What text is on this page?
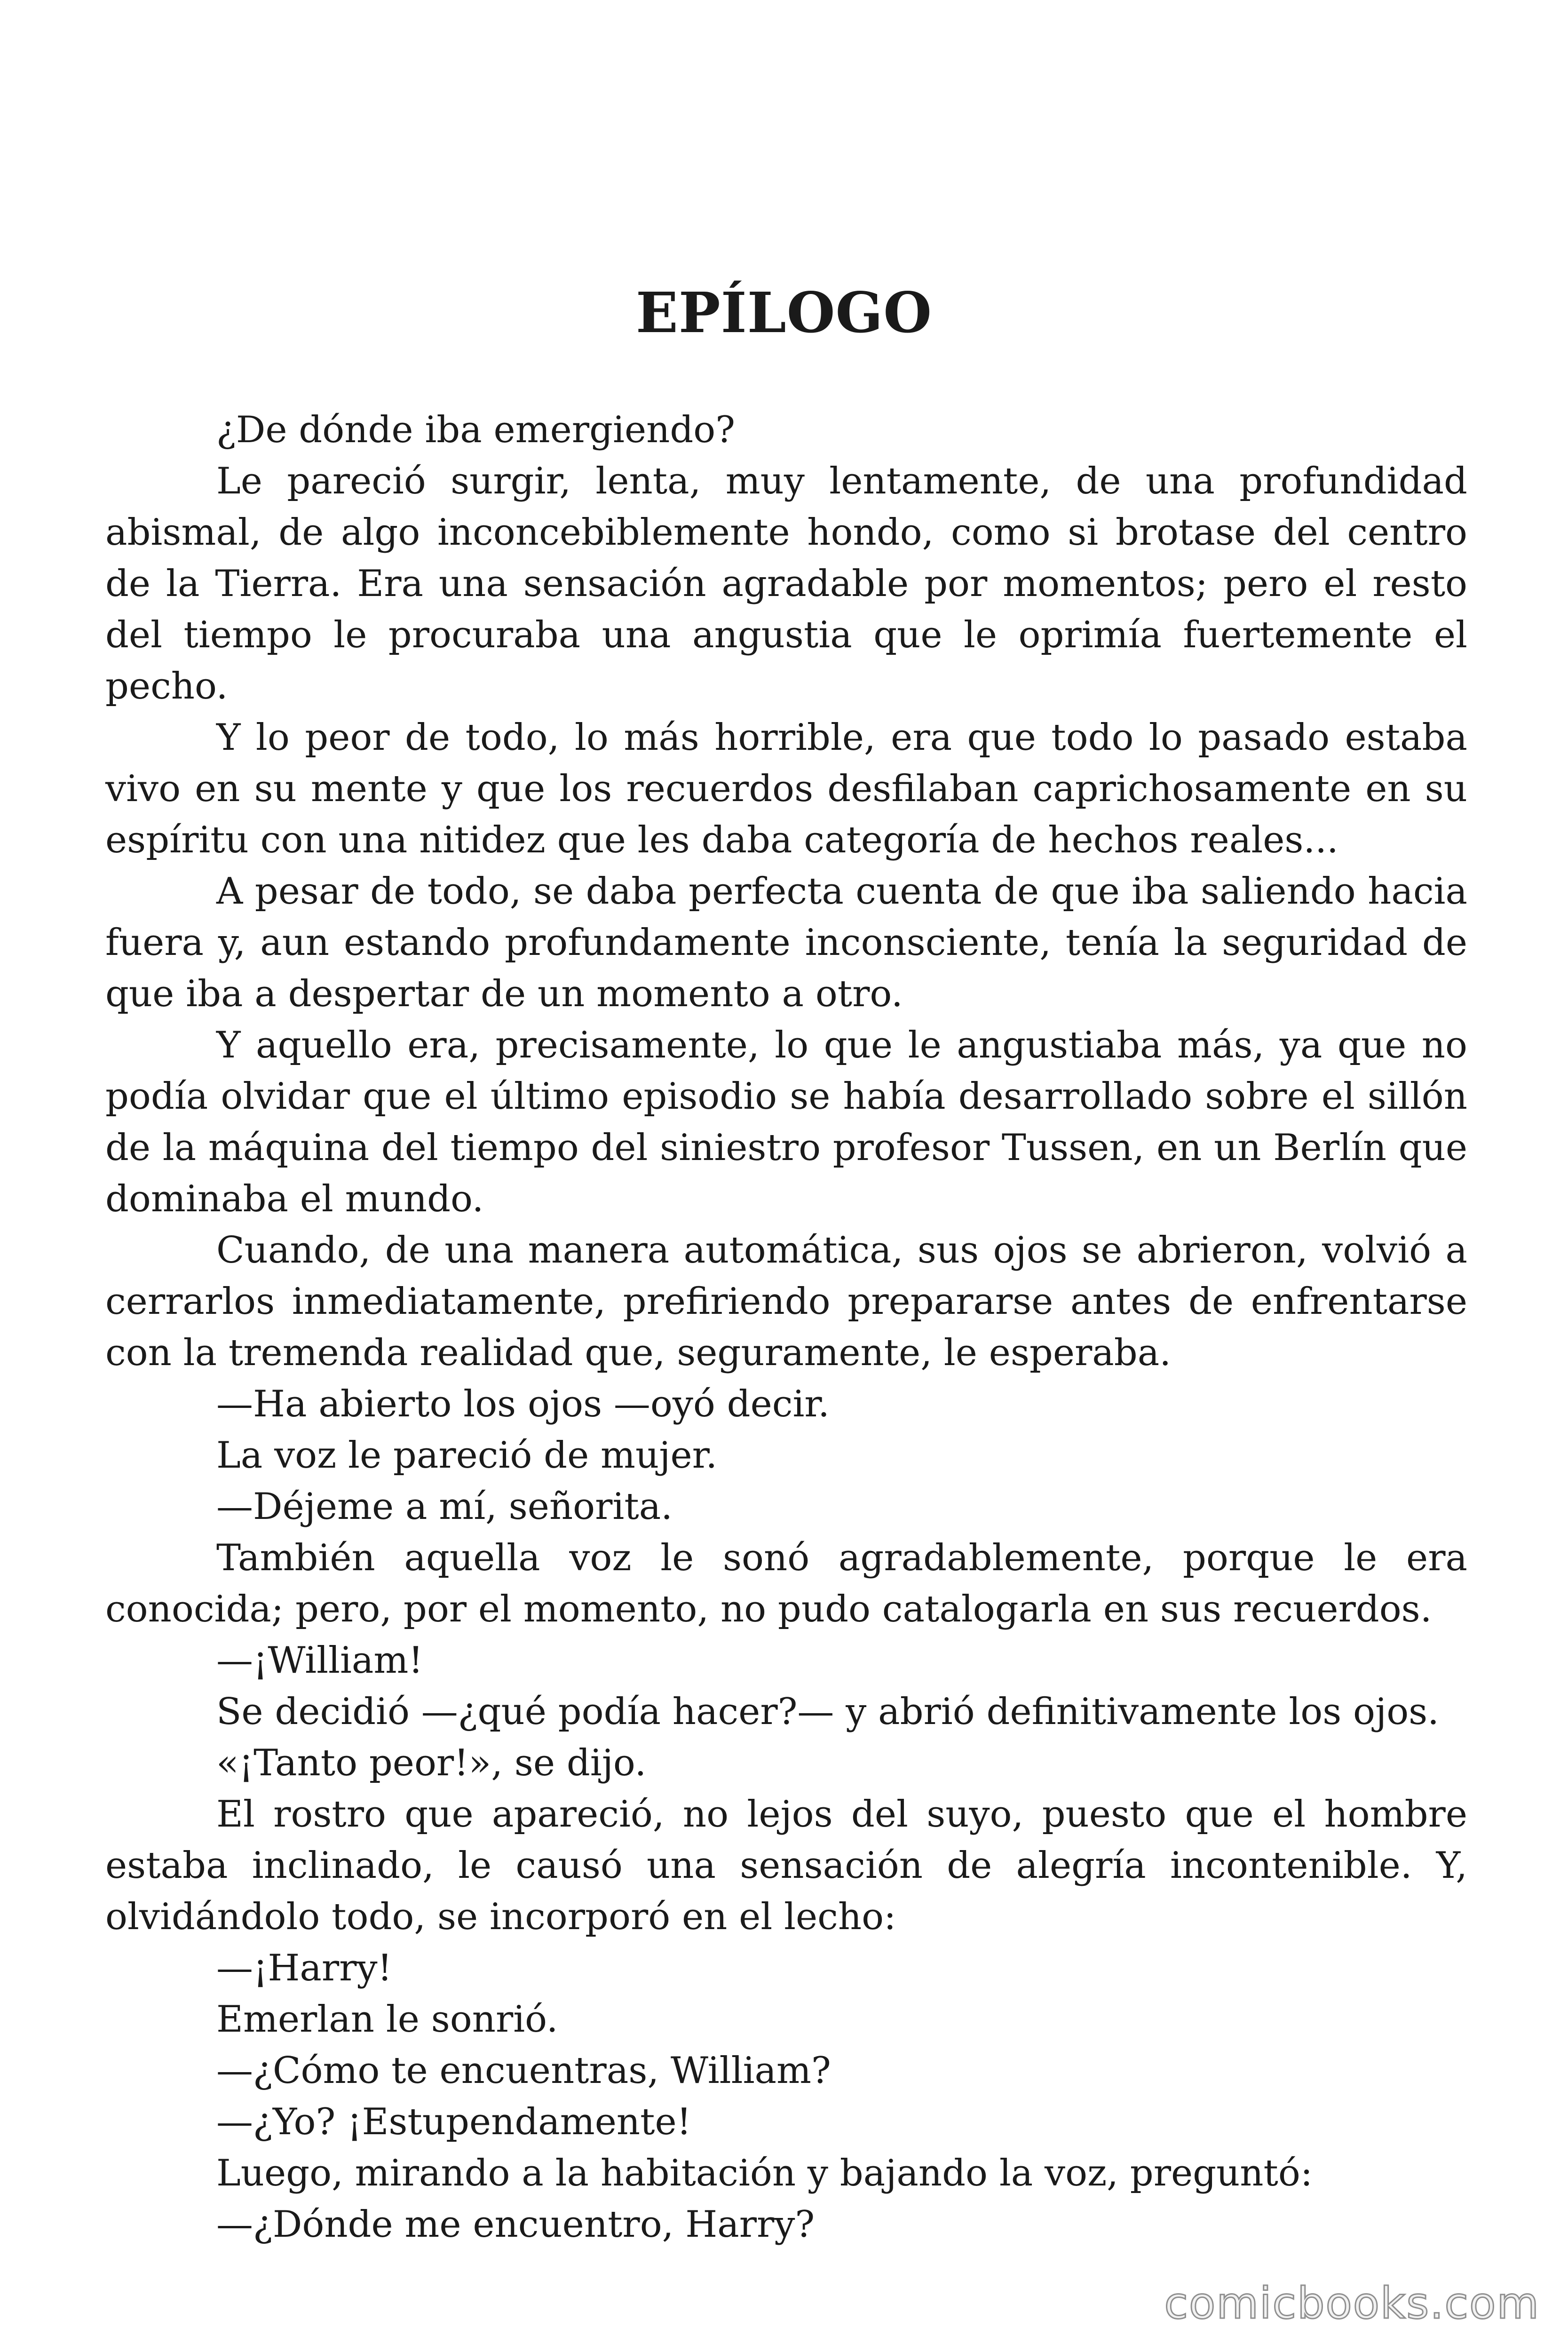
EPÍLOGO

¿De dónde iba emergiendo?

Le pareció surgir, lenta, muy lentamente, de una profundidad abismal, de algo inconcebiblemente hondo, como si brotase del centro de la Tierra. Era una sensación agradable por momentos; pero el resto del tiempo le procuraba una angustia que le oprimía fuertemente el pecho.

Y lo peor de todo, lo más horrible, era que todo lo pasado estaba vivo en su mente y que los recuerdos desfilaban caprichosamente en su espíritu con una nitidez que les daba categoría de hechos reales...

A pesar de todo, se daba perfecta cuenta de que iba saliendo hacia fuera y, aun estando profundamente inconsciente, tenía la seguridad de que iba a despertar de un momento a otro.

Y aquello era, precisamente, lo que le angustiaba más, ya que no podía olvidar que el último episodio se había desarrollado sobre el sillón de la máquina del tiempo del siniestro profesor Tussen, en un Berlín que dominaba el mundo.

Cuando, de una manera automática, sus ojos se abrieron, volvió a cerrarlos inmediatamente, prefiriendo prepararse antes de enfrentarse con la tremenda realidad que, seguramente, le esperaba.

—Ha abierto los ojos —oyó decir.

La voz le pareció de mujer.

—Déjeme a mí, señorita.

También aquella voz le sonó agradablemente, porque le era conocida; pero, por el momento, no pudo catalogarla en sus recuerdos.

—¡William!

Se decidió —¿qué podía hacer?— y abrió definitivamente los ojos.

«¡Tanto peor!», se dijo.

El rostro que apareció, no lejos del suyo, puesto que el hombre estaba inclinado, le causó una sensación de alegría incontenible. Y, olvidándolo todo, se incorporó en el lecho:

—¡Harry!

Emerlan le sonrió.

—¿Cómo te encuentras, William?

—¿Yo? ¡Estupendamente!

Luego, mirando a la habitación y bajando la voz, preguntó:

—¿Dónde me encuentro, Harry?

comicbooks.com
